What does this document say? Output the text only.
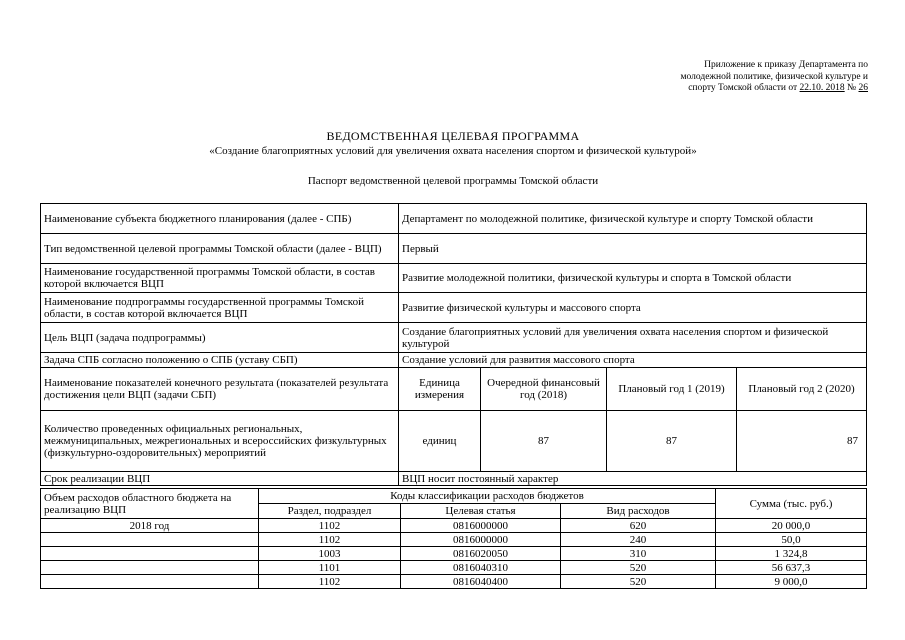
Приложение к приказу Департамента по
молодежной политике, физической культуре и
спорту Томской области от 22.10. 2018 № 26
ВЕДОМСТВЕННАЯ ЦЕЛЕВАЯ ПРОГРАММА
«Создание благоприятных условий для увеличения охвата населения спортом и физической культурой»
Паспорт ведомственной целевой программы Томской области
Наименование субъекта бюджетного планирования (далее - СПБ)	Департамент по молодежной политике, физической культуре и спорту Томской области			
Тип ведомственной целевой программы Томской области (далее - ВЦП)	Первый			
Наименование государственной программы Томской области, в состав которой включается ВЦП	Развитие молодежной политики, физической культуры и спорта в Томской области			
Наименование подпрограммы государственной программы Томской области, в состав которой включается ВЦП	Развитие физической культуры и массового спорта			
Цель ВЦП (задача подпрограммы)	Создание благоприятных условий для увеличения охвата населения спортом и физической культурой			
Задача СПБ согласно положению о СПБ (уставу СБП)	Создание условий для развития массового спорта			
Наименование показателей конечного результата (показателей результата достижения цели ВЦП (задачи СБП)	Единица измерения	Очередной финансовый год (2018)	Плановый год 1 (2019)	Плановый год 2 (2020)
Количество проведенных официальных региональных, межмуниципальных, межрегиональных и всероссийских физкультурных (физкультурно-оздоровительных) мероприятий	единиц	87	87	87
Срок реализации ВЦП	ВЦП носит постоянный характер			
Объем расходов областного бюджета на реализацию ВЦП	Коды классификации расходов бюджетов			Сумма (тыс. руб.)
	Раздел, подраздел	Целевая статья	Вид расходов	
2018 год	1102	0816000000	620	20 000,0
	1102	0816000000	240	50,0
	1003	0816020050	310	1 324,8
	1101	0816040310	520	56 637,3
	1102	0816040400	520	9 000,0
